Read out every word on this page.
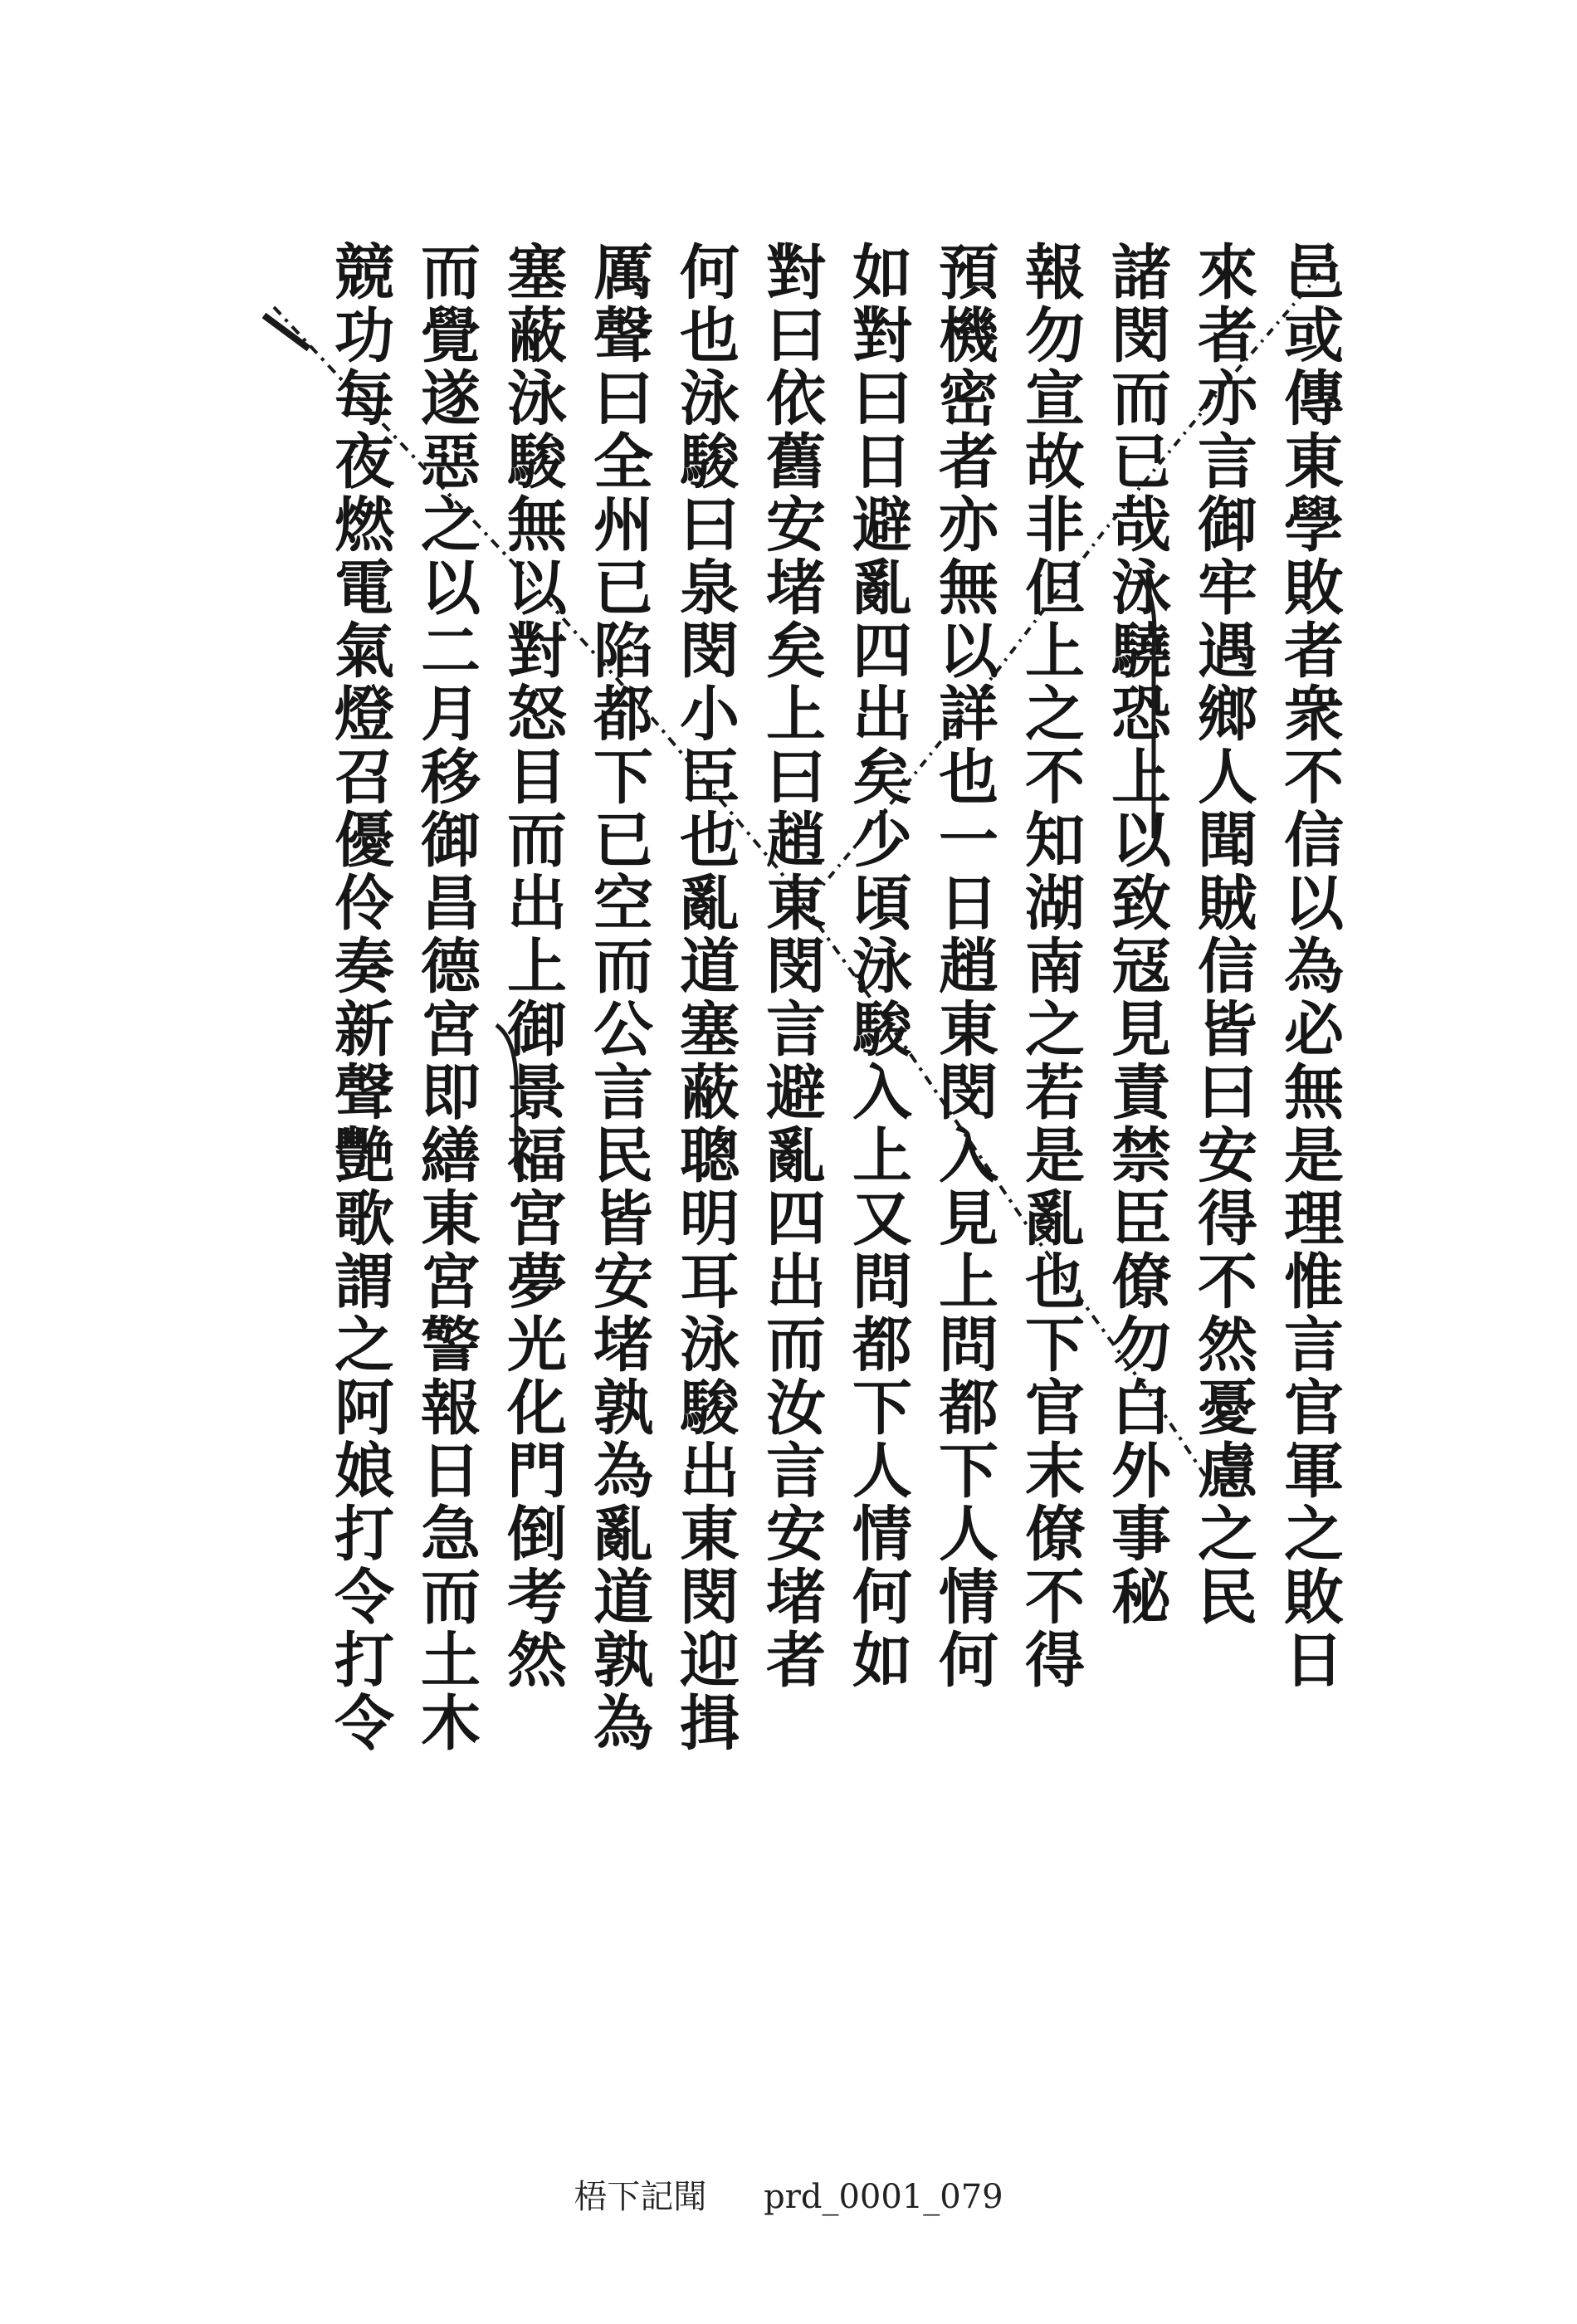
邑或傳東學敗者衆不信以為必無是理惟言官軍之敗日
來者亦言御牢遇鄉人聞賊信皆曰安得不然憂慮之民
諸閔而已哉泳驍恐上以致冦見責禁臣僚勿白外事秘
報勿宣故非但上之不知湖南之若是亂也下官末僚不得
預機密者亦無以詳也一日趙東閔入見上問都下人情何
如對曰日避亂四出矣少頃泳駿入上又問都下人情何如
對曰依舊安堵矣上曰趙東閔言避亂四出而汝言安堵者
何也泳駿曰泉閔小臣也亂道塞蔽聰明耳泳駿出東閔迎揖
厲聲曰全州已陷都下已空而公言民皆安堵孰為亂道孰為
塞蔽泳駿無以對怒目而出上御景福宮夢光化門倒考然
而覺遂惡之以二月移御昌德宮即繕東宮警報日急而土木
競功每夜燃電氣燈召優伶奏新聲艷歌謂之阿娘打令打令
梧下記聞 prd_0001_079
